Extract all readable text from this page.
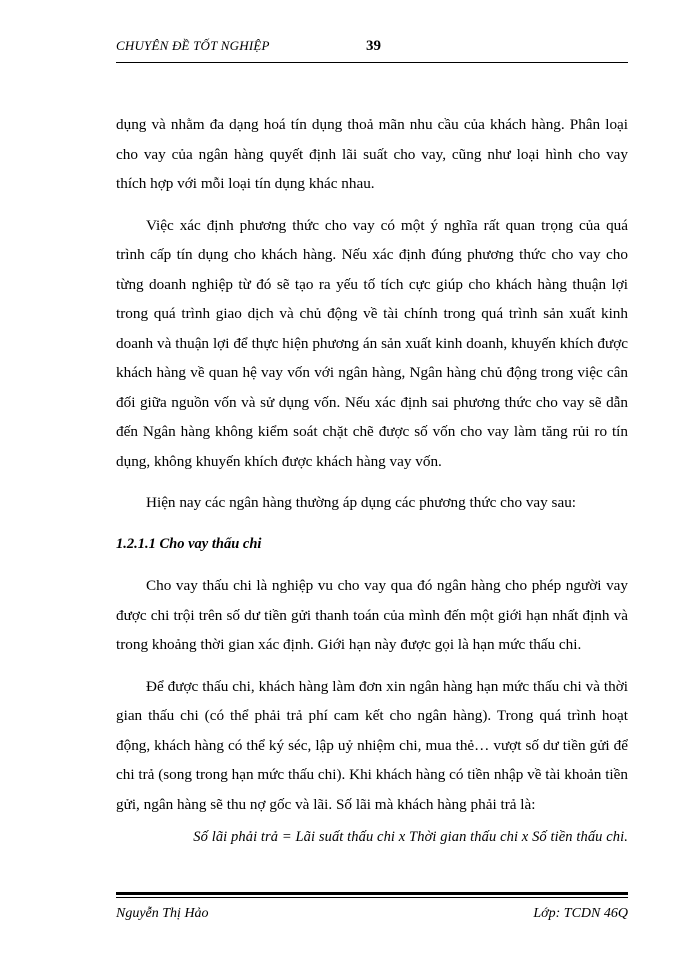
CHUYÊN ĐỀ TỐT NGHIỆP	39

dụng và nhằm đa dạng hoá tín dụng thoả mãn nhu cầu của khách hàng. Phân loại cho vay của ngân hàng quyết định lãi suất cho vay, cũng như loại hình cho vay thích hợp với mỗi loại tín dụng khác nhau.

Việc xác định phương thức cho vay có một ý nghĩa rất quan trọng của quá trình cấp tín dụng cho khách hàng. Nếu xác định đúng phương thức cho vay cho từng doanh nghiệp từ đó sẽ tạo ra yếu tố tích cực giúp cho khách hàng thuận lợi trong quá trình giao dịch và chủ động về tài chính trong quá trình sản xuất kinh doanh và thuận lợi để thực hiện phương án sản xuất kinh doanh, khuyến khích được khách hàng về quan hệ vay vốn với ngân hàng, Ngân hàng chủ động trong việc cân đối giữa nguồn vốn và sử dụng vốn. Nếu xác định sai phương thức cho vay sẽ dẫn đến Ngân hàng không kiểm soát chặt chẽ được số vốn cho vay làm tăng rủi ro tín dụng, không khuyến khích được khách hàng vay vốn.

Hiện nay các ngân hàng thường áp dụng các phương thức cho vay sau:

1.2.1.1 Cho vay thấu chi

Cho vay thấu chi là nghiệp vu cho vay qua đó ngân hàng cho phép người vay được chi trội trên số dư tiền gửi thanh toán của mình đến một giới hạn nhất định và trong khoảng thời gian xác định. Giới hạn này được gọi là hạn mức thấu chi.

Để được thấu chi, khách hàng làm đơn xin ngân hàng hạn mức thấu chi và thời gian thấu chi (có thể phải trả phí cam kết cho ngân hàng). Trong quá trình hoạt động, khách hàng có thể ký séc, lập uỷ nhiệm chi, mua thẻ… vượt số dư tiền gửi để chi trả (song trong hạn mức thấu chi). Khi khách hàng có tiền nhập về tài khoản tiền gửi, ngân hàng sẽ thu nợ gốc và lãi. Số lãi mà khách hàng phải trả là:

Số lãi phải trả = Lãi suất thấu chi x Thời gian thấu chi x Số tiền thấu chi.

Nguyễn Thị Hảo	Lớp: TCDN 46Q
